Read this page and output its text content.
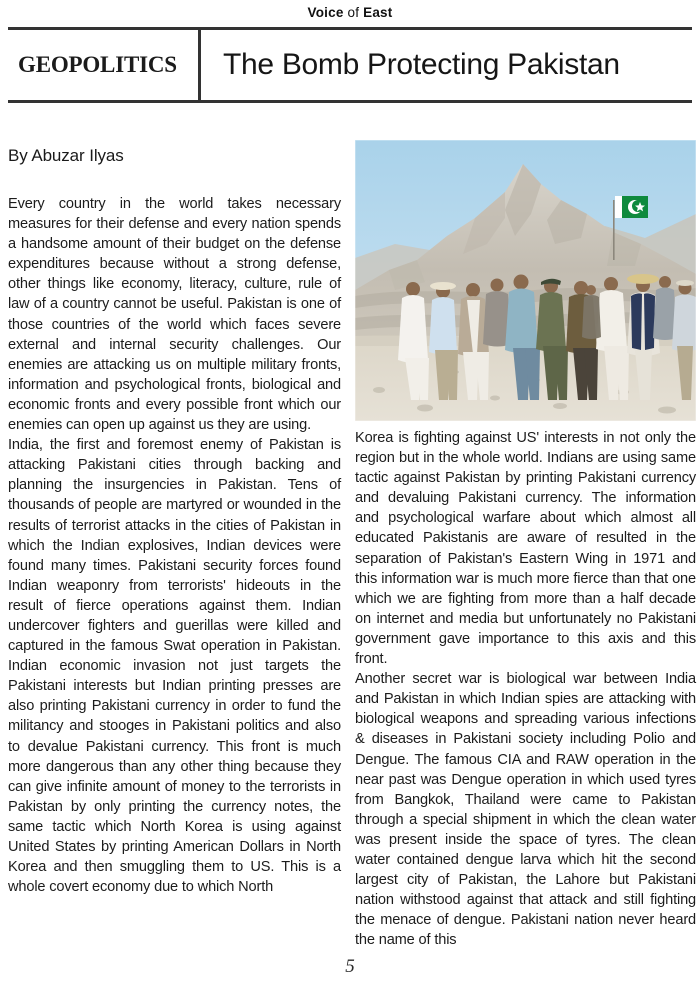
Voice of East
GEOPOLITICS	The Bomb Protecting Pakistan
By Abuzar Ilyas

Every country in the world takes necessary measures for their defense and every nation spends a handsome amount of their budget on the defense expenditures because without a strong defense, other things like economy, literacy, culture, rule of law of a country cannot be useful. Pakistan is one of those countries of the world which faces severe external and internal security challenges. Our enemies are attacking us on multiple military fronts, information and psychological fronts, biological and economic fronts and every possible front which our enemies can open up against us they are using.

India, the first and foremost enemy of Pakistan is attacking Pakistani cities through backing and planning the insurgencies in Pakistan. Tens of thousands of people are martyred or wounded in the results of terrorist attacks in the cities of Pakistan in which the Indian explosives, Indian devices were found many times. Pakistani security forces found Indian weaponry from terrorists' hideouts in the result of fierce operations against them. Indian undercover fighters and guerillas were killed and captured in the famous Swat operation in Pakistan. Indian economic invasion not just targets the Pakistani interests but Indian printing presses are also printing Pakistani currency in order to fund the militancy and stooges in Pakistani politics and also to devalue Pakistani currency. This front is much more dangerous than any other thing because they can give infinite amount of money to the terrorists in Pakistan by only printing the currency notes, the same tactic which North Korea is using against United States by printing American Dollars in North Korea and then smuggling them to US. This is a whole covert economy due to which North

Korea is fighting against US' interests in not only the region but in the whole world. Indians are using same tactic against Pakistan by printing Pakistani currency and devaluing Pakistani currency. The information and psychological warfare about which almost all educated Pakistanis are aware of resulted in the separation of Pakistan's Eastern Wing in 1971 and this information war is much more fierce than that one which we are fighting from more than a half decade on internet and media but unfortunately no Pakistani government gave importance to this axis and this front.

Another secret war is biological war between India and Pakistan in which Indian spies are attacking with biological weapons and spreading various infections & diseases in Pakistani society including Polio and Dengue. The famous CIA and RAW operation in the near past was Dengue operation in which used tyres from Bangkok, Thailand were came to Pakistan through a special shipment in which the clean water was present inside the space of tyres. The clean water contained dengue larva which hit the second largest city of Pakistan, the Lahore but Pakistani nation withstood against that attack and still fighting the menace of dengue. Pakistani nation never heard the name of this

5
